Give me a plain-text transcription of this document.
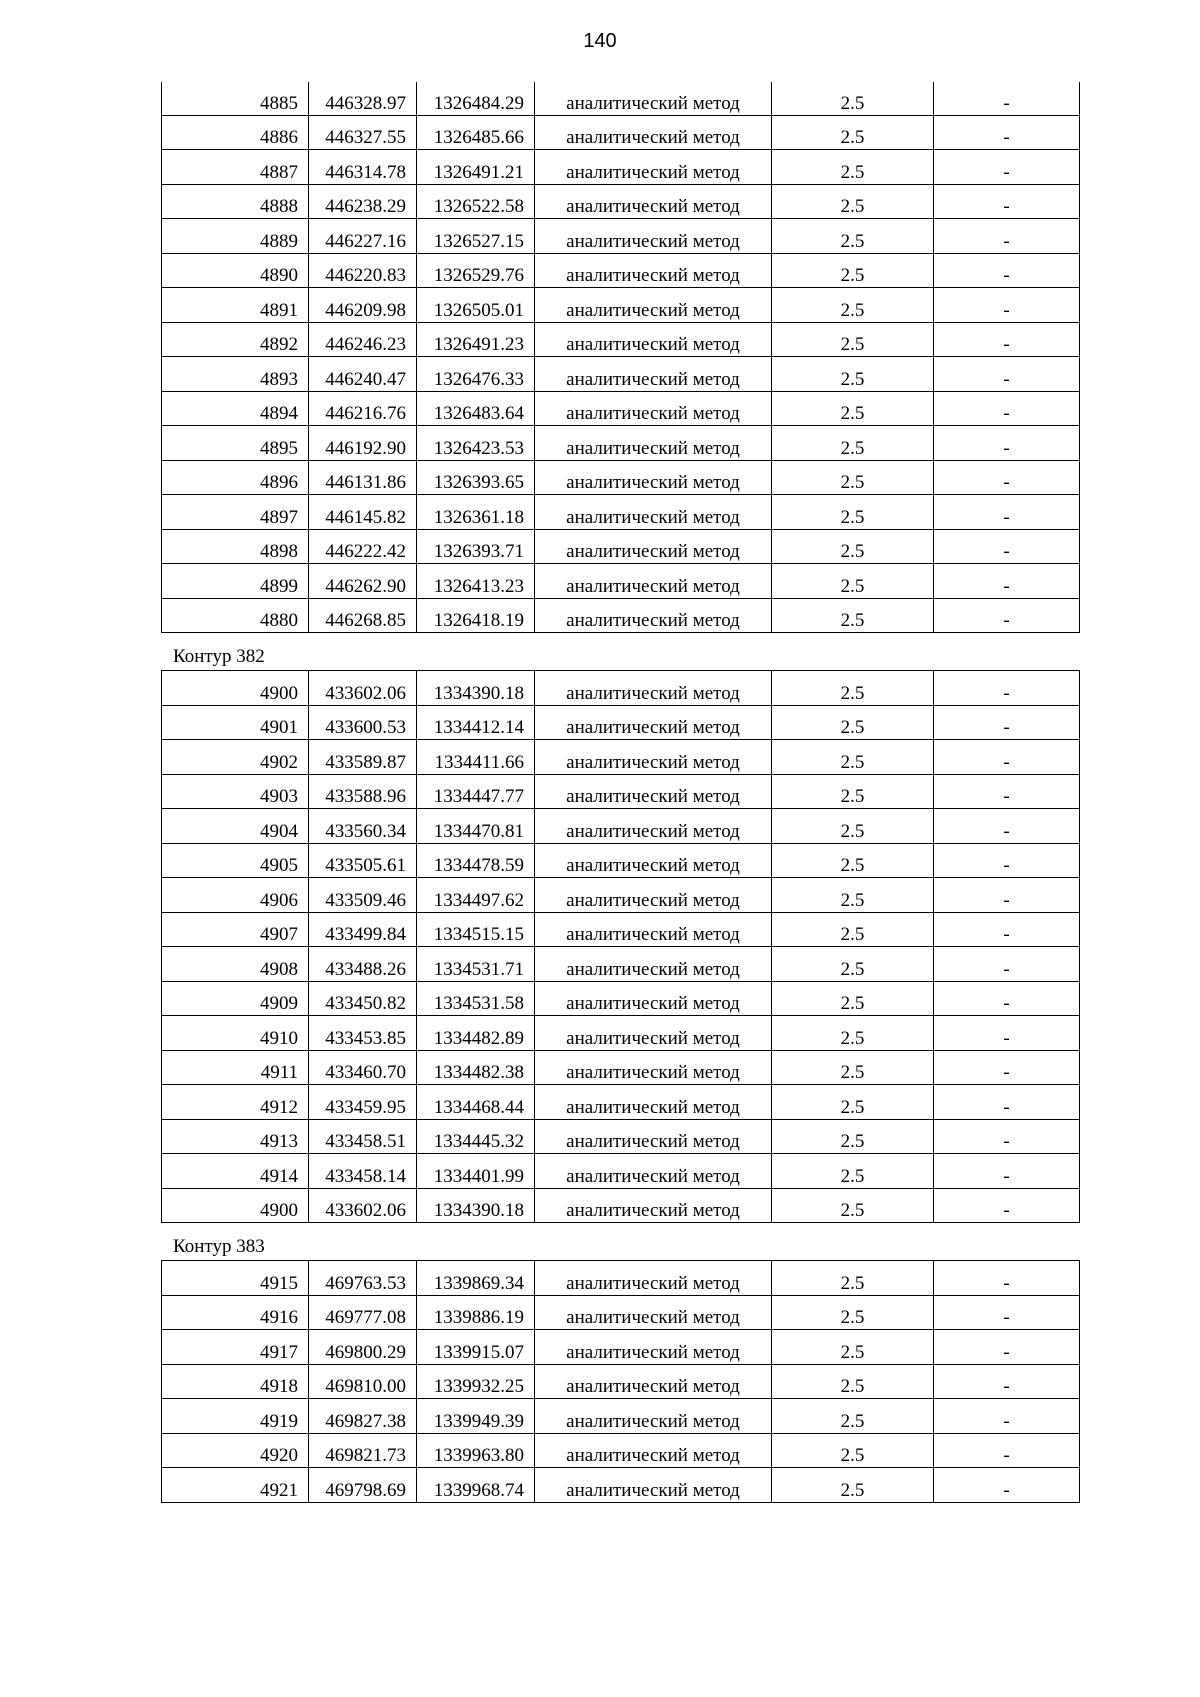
140
4885	446328.97	1326484.29	аналитический метод	2.5	-
4886	446327.55	1326485.66	аналитический метод	2.5	-
4887	446314.78	1326491.21	аналитический метод	2.5	-
4888	446238.29	1326522.58	аналитический метод	2.5	-
4889	446227.16	1326527.15	аналитический метод	2.5	-
4890	446220.83	1326529.76	аналитический метод	2.5	-
4891	446209.98	1326505.01	аналитический метод	2.5	-
4892	446246.23	1326491.23	аналитический метод	2.5	-
4893	446240.47	1326476.33	аналитический метод	2.5	-
4894	446216.76	1326483.64	аналитический метод	2.5	-
4895	446192.90	1326423.53	аналитический метод	2.5	-
4896	446131.86	1326393.65	аналитический метод	2.5	-
4897	446145.82	1326361.18	аналитический метод	2.5	-
4898	446222.42	1326393.71	аналитический метод	2.5	-
4899	446262.90	1326413.23	аналитический метод	2.5	-
4880	446268.85	1326418.19	аналитический метод	2.5	-
Контур 382
4900	433602.06	1334390.18	аналитический метод	2.5	-
4901	433600.53	1334412.14	аналитический метод	2.5	-
4902	433589.87	1334411.66	аналитический метод	2.5	-
4903	433588.96	1334447.77	аналитический метод	2.5	-
4904	433560.34	1334470.81	аналитический метод	2.5	-
4905	433505.61	1334478.59	аналитический метод	2.5	-
4906	433509.46	1334497.62	аналитический метод	2.5	-
4907	433499.84	1334515.15	аналитический метод	2.5	-
4908	433488.26	1334531.71	аналитический метод	2.5	-
4909	433450.82	1334531.58	аналитический метод	2.5	-
4910	433453.85	1334482.89	аналитический метод	2.5	-
4911	433460.70	1334482.38	аналитический метод	2.5	-
4912	433459.95	1334468.44	аналитический метод	2.5	-
4913	433458.51	1334445.32	аналитический метод	2.5	-
4914	433458.14	1334401.99	аналитический метод	2.5	-
4900	433602.06	1334390.18	аналитический метод	2.5	-
Контур 383
4915	469763.53	1339869.34	аналитический метод	2.5	-
4916	469777.08	1339886.19	аналитический метод	2.5	-
4917	469800.29	1339915.07	аналитический метод	2.5	-
4918	469810.00	1339932.25	аналитический метод	2.5	-
4919	469827.38	1339949.39	аналитический метод	2.5	-
4920	469821.73	1339963.80	аналитический метод	2.5	-
4921	469798.69	1339968.74	аналитический метод	2.5	-
